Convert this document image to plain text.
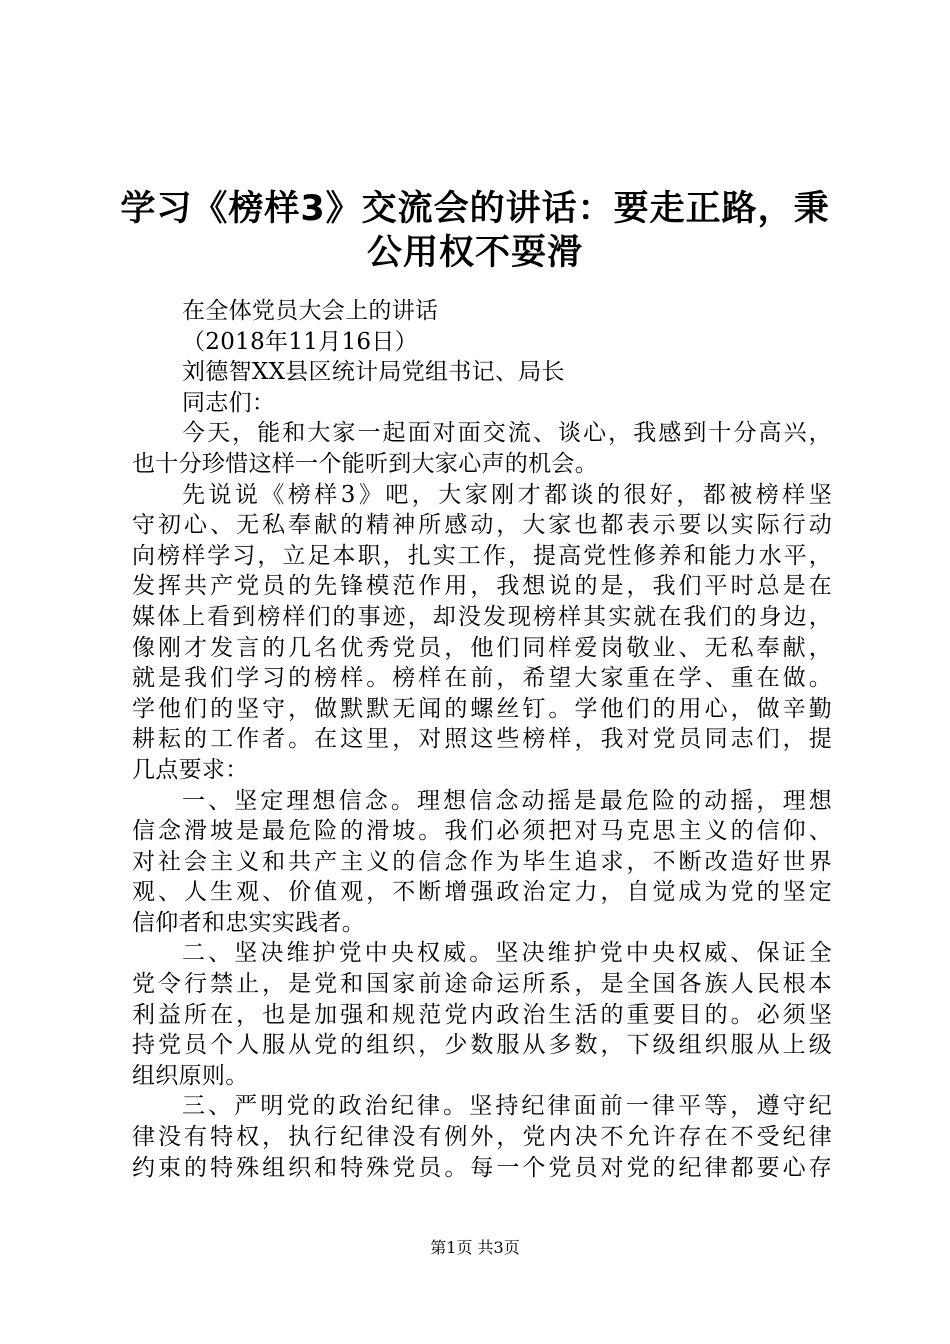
学习《榜样3》交流会的讲话：要走正路，秉
公用权不耍滑
在全体党员大会上的讲话
（2018年11月16日）
刘德智XX县区统计局党组书记、局长
同志们：
今天，能和大家一起面对面交流、谈心，我感到十分高兴，
也十分珍惜这样一个能听到大家心声的机会。
先说说《榜样3》吧，大家刚才都谈的很好，都被榜样坚
守初心、无私奉献的精神所感动，大家也都表示要以实际行动
向榜样学习，立足本职，扎实工作，提高党性修养和能力水平，
发挥共产党员的先锋模范作用，我想说的是，我们平时总是在
媒体上看到榜样们的事迹，却没发现榜样其实就在我们的身边，
像刚才发言的几名优秀党员，他们同样爱岗敬业、无私奉献，
就是我们学习的榜样。榜样在前，希望大家重在学、重在做。
学他们的坚守，做默默无闻的螺丝钉。学他们的用心，做辛勤
耕耘的工作者。在这里，对照这些榜样，我对党员同志们，提
几点要求：
一、坚定理想信念。理想信念动摇是最危险的动摇，理想
信念滑坡是最危险的滑坡。我们必须把对马克思主义的信仰、
对社会主义和共产主义的信念作为毕生追求，不断改造好世界
观、人生观、价值观，不断增强政治定力，自觉成为党的坚定
信仰者和忠实实践者。
二、坚决维护党中央权威。坚决维护党中央权威、保证全
党令行禁止，是党和国家前途命运所系，是全国各族人民根本
利益所在，也是加强和规范党内政治生活的重要目的。必须坚
持党员个人服从党的组织，少数服从多数，下级组织服从上级
组织原则。
三、严明党的政治纪律。坚持纪律面前一律平等，遵守纪
律没有特权，执行纪律没有例外，党内决不允许存在不受纪律
约束的特殊组织和特殊党员。每一个党员对党的纪律都要心存
第1页 共3页
